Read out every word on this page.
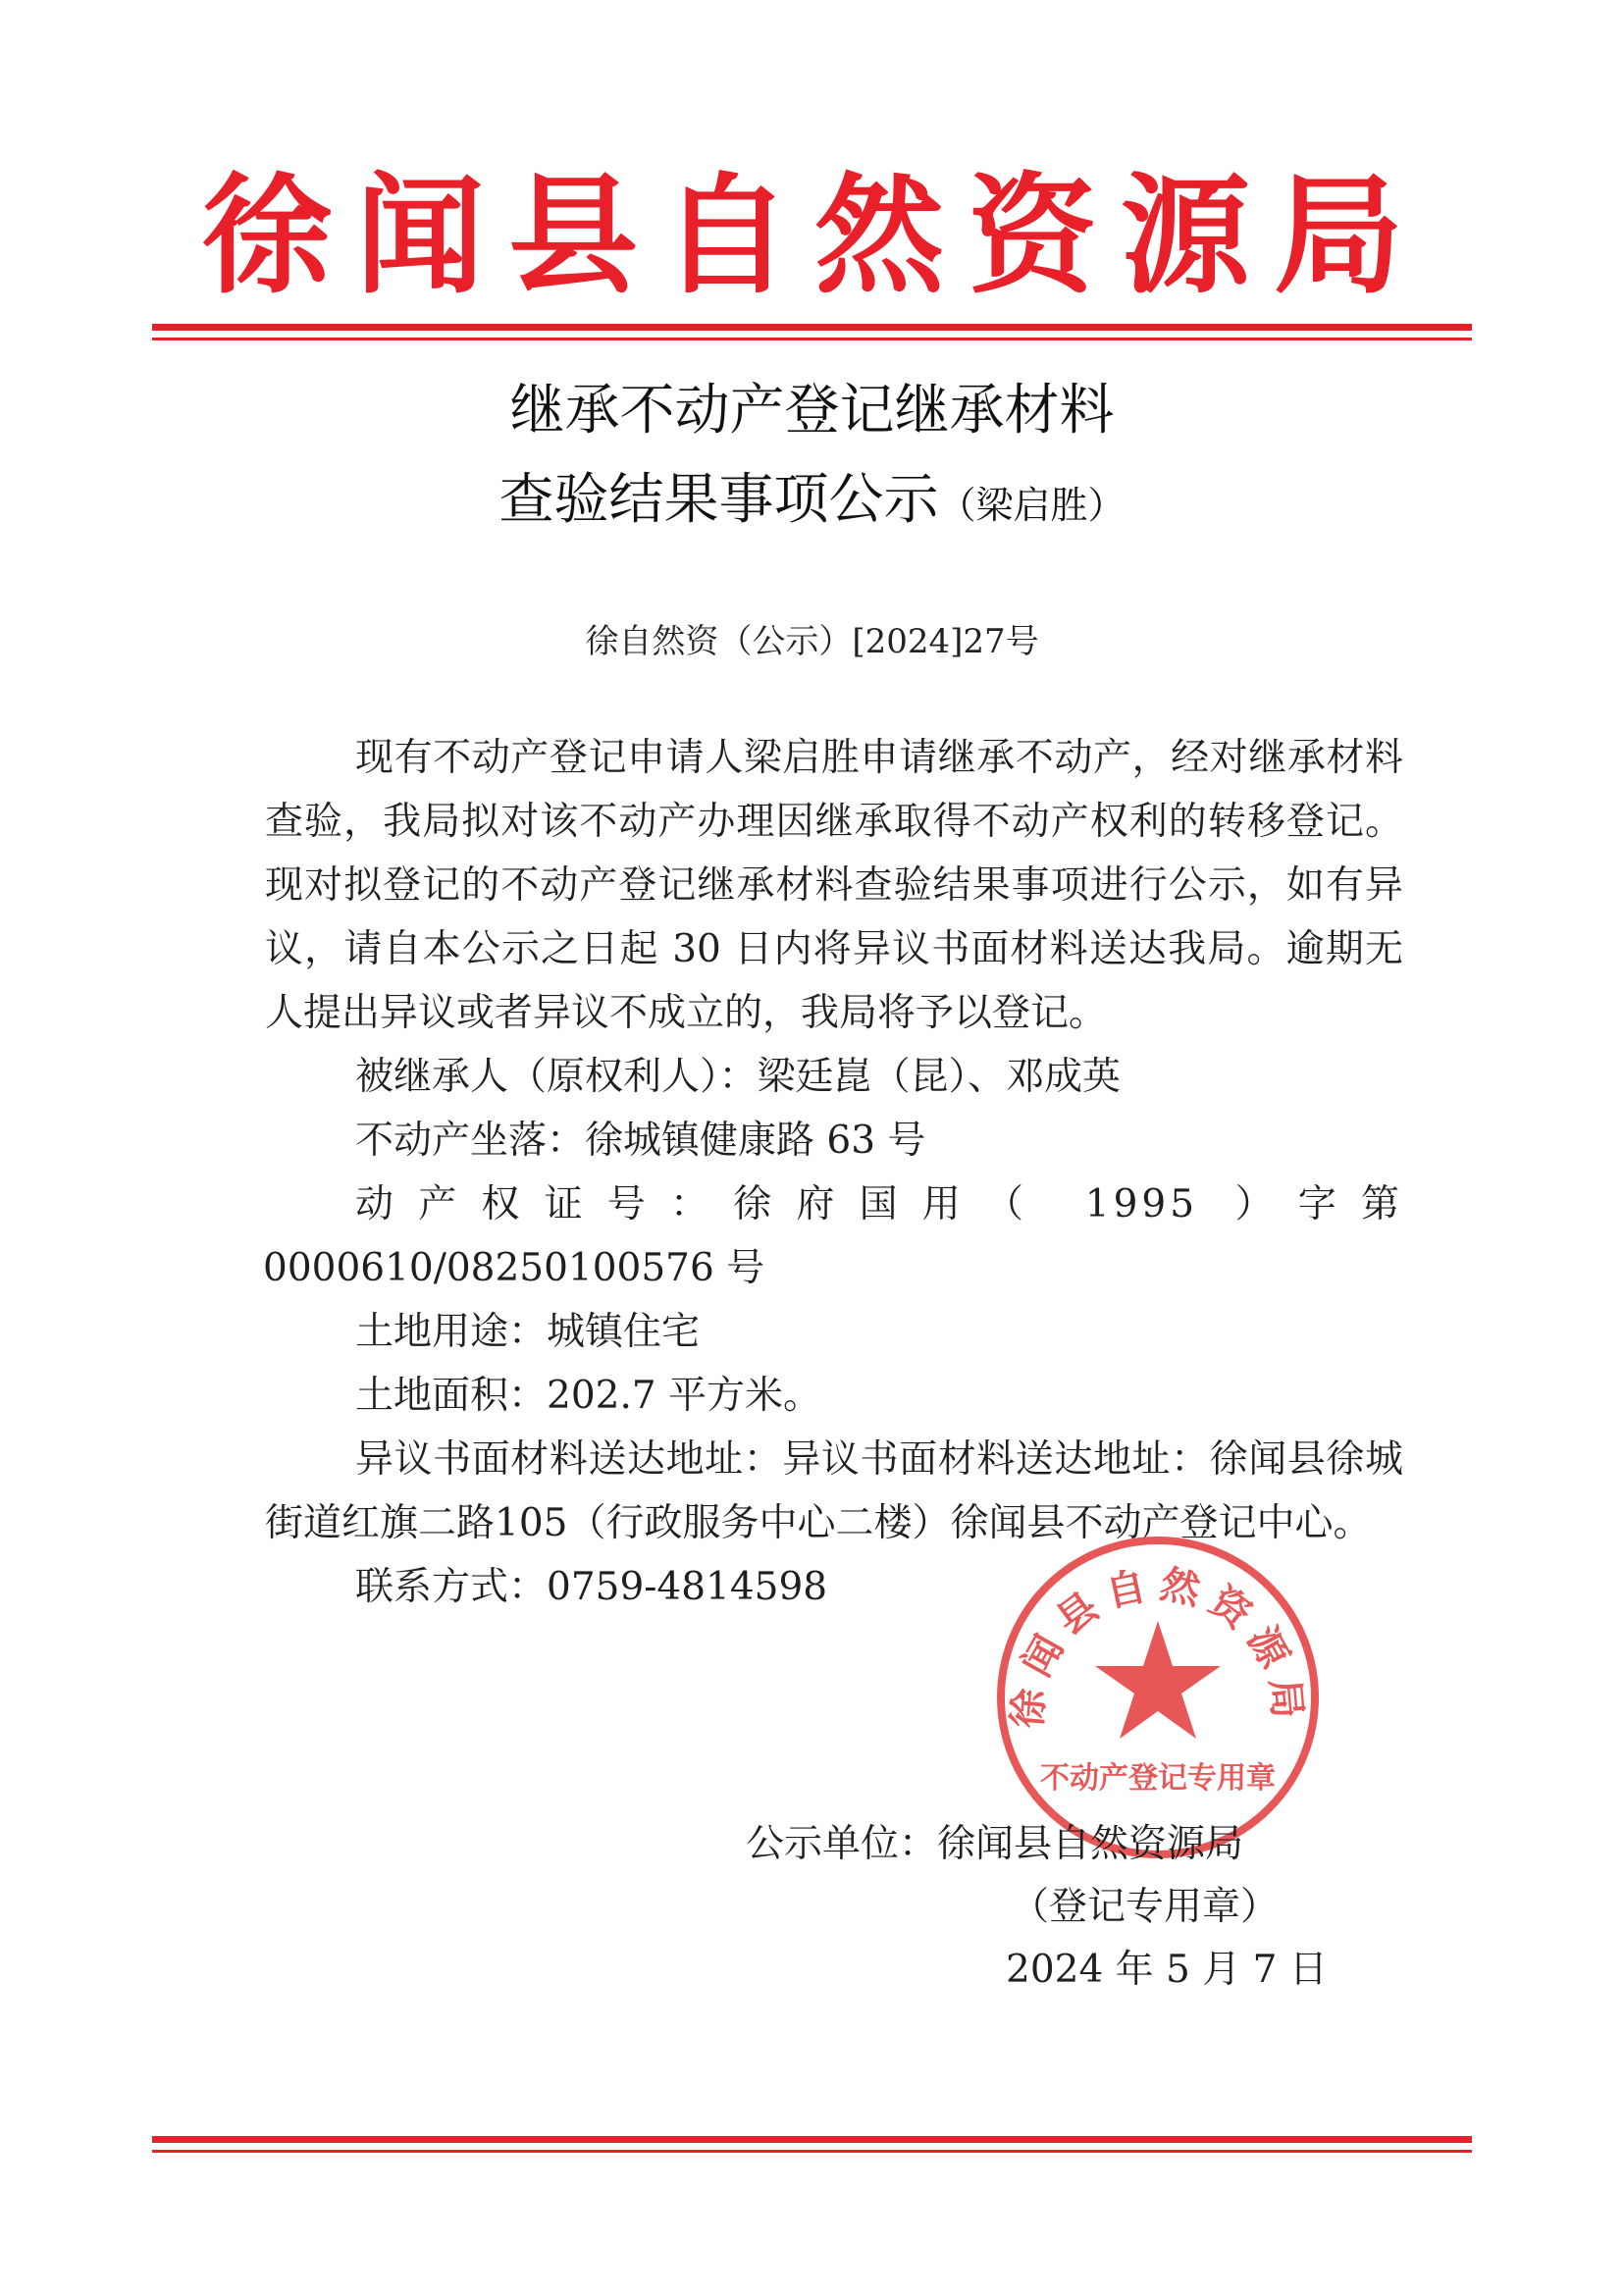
徐闻县自然资源局
继承不动产登记继承材料
查验结果事项公示（梁启胜）
徐自然资（公示）[2024]27号

现有不动产登记申请人梁启胜申请继承不动产，经对继承材料查验，我局拟对该不动产办理因继承取得不动产权利的转移登记。现对拟登记的不动产登记继承材料查验结果事项进行公示，如有异议，请自本公示之日起 30 日内将异议书面材料送达我局。逾期无人提出异议或者异议不成立的，我局将予以登记。

被继承人（原权利人）：梁廷崑（昆）、邓成英

不动产坐落：徐城镇健康路 63 号

动产权证号：徐府国用（ 1995 ）字第

0000610/08250100576 号

土地用途：城镇住宅

土地面积：202.7 平方米。

异议书面材料送达地址：异议书面材料送达地址：徐闻县徐城街道红旗二路105（行政服务中心二楼）徐闻县不动产登记中心。

联系方式：0759-4814598

徐闻县自然资源局
不动产登记专用章
公示单位：徐闻县自然资源局
（登记专用章）
2024 年 5 月 7 日
